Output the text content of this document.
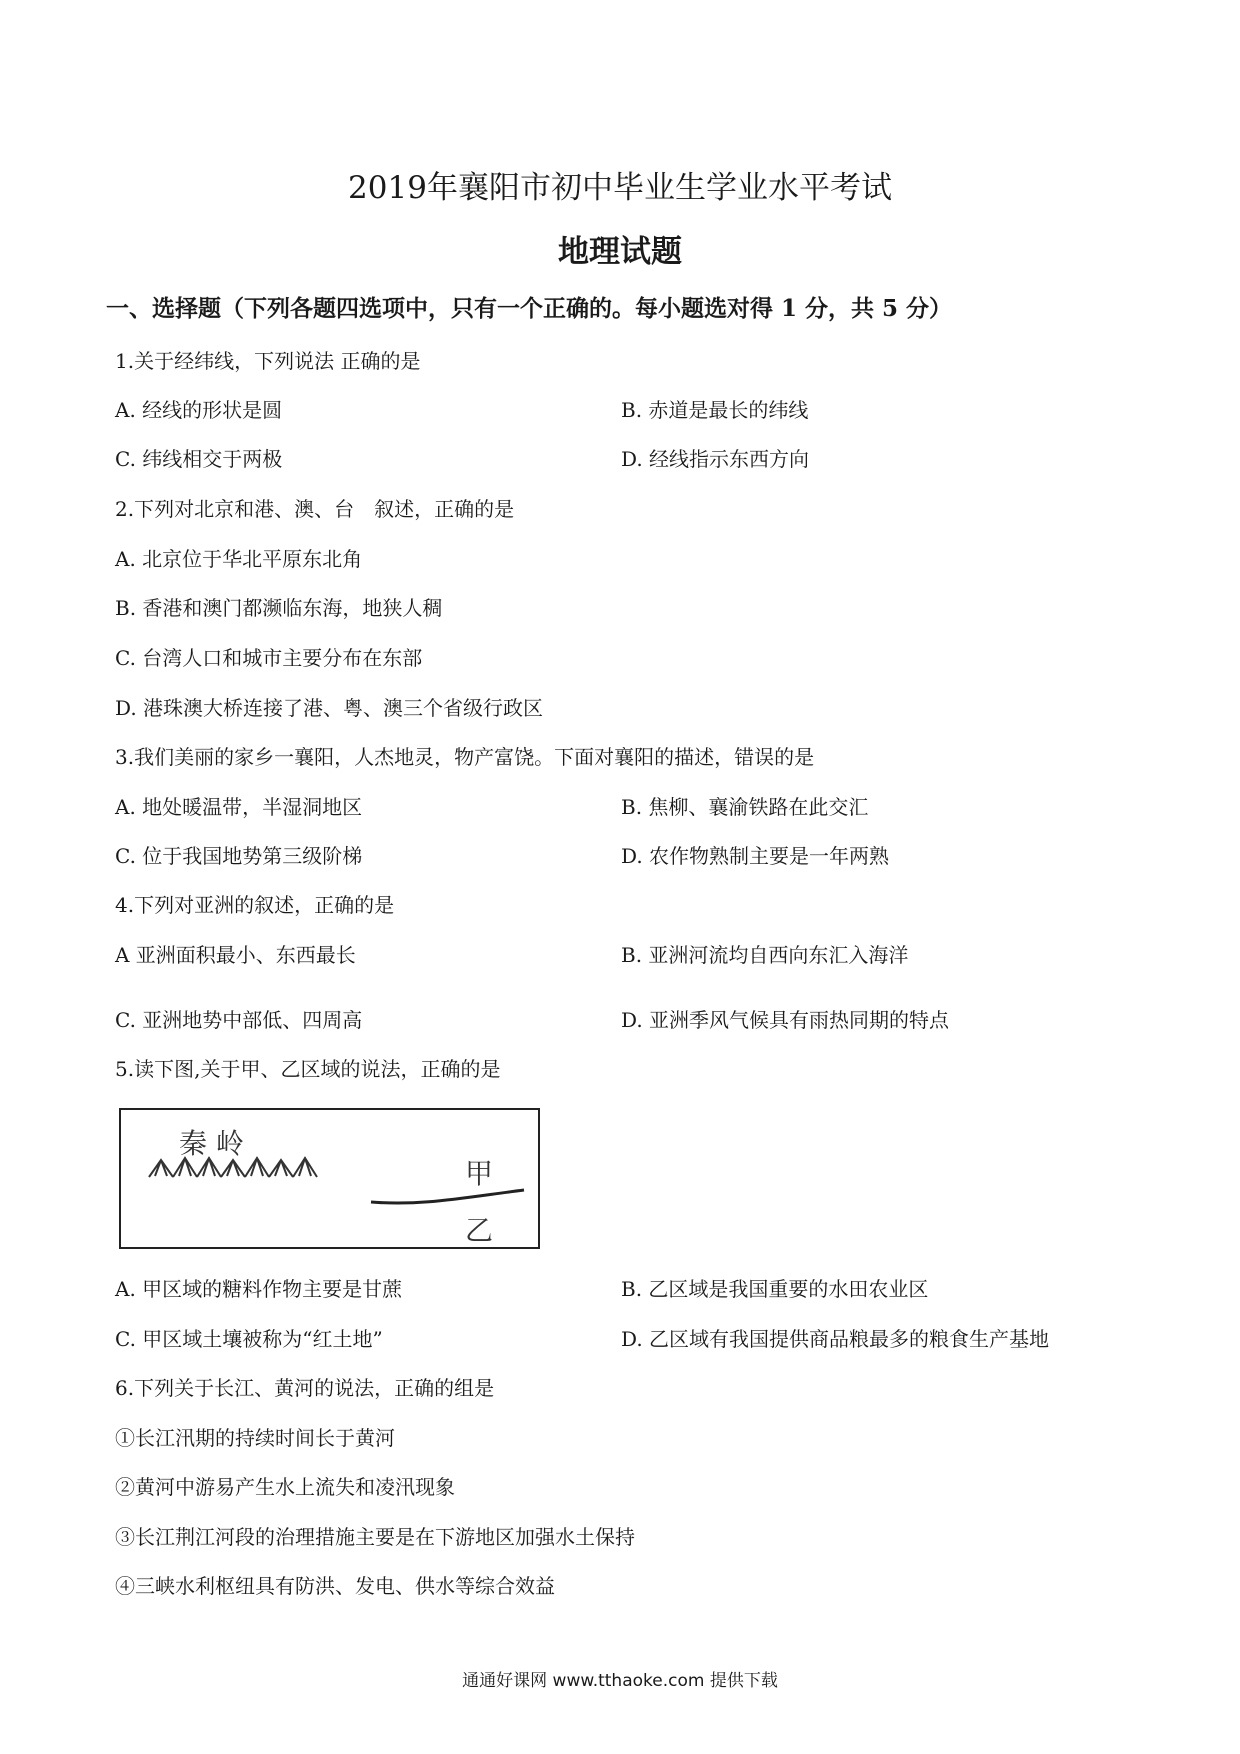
2019年襄阳市初中毕业生学业水平考试
地理试题
一、选择题（下列各题四选项中，只有一个正确的。每小题选对得 1 分，共 5 分）
1.关于经纬线，下列说法 正确的是
A. 经线的形状是圆	B. 赤道是最长的纬线
C. 纬线相交于两极	D. 经线指示东西方向
2.下列对北京和港、澳、台　叙述，正确的是
A. 北京位于华北平原东北角
B. 香港和澳门都濒临东海，地狭人稠
C. 台湾人口和城市主要分布在东部
D. 港珠澳大桥连接了港、粤、澳三个省级行政区
3.我们美丽的家乡一襄阳，人杰地灵，物产富饶。下面对襄阳的描述，错误的是
A. 地处暖温带，半湿洞地区	B. 焦柳、襄渝铁路在此交汇
C. 位于我国地势第三级阶梯	D. 农作物熟制主要是一年两熟
4.下列对亚洲的叙述，正确的是
A 亚洲面积最小、东西最长	B. 亚洲河流均自西向东汇入海洋
C. 亚洲地势中部低、四周高	D. 亚洲季风气候具有雨热同期的特点
5.读下图,关于甲、乙区域的说法，正确的是
秦 岭
甲
乙
A. 甲区域的糖料作物主要是甘蔗	B. 乙区域是我国重要的水田农业区
C. 甲区域土壤被称为“红土地”	D. 乙区域有我国提供商品粮最多的粮食生产基地
6.下列关于长江、黄河的说法，正确的组是
①长江汛期的持续时间长于黄河
②黄河中游易产生水上流失和凌汛现象
③长江荆江河段的治理措施主要是在下游地区加强水土保持
④三峡水利枢纽具有防洪、发电、供水等综合效益
通通好课网 www.tthaoke.com 提供下载
